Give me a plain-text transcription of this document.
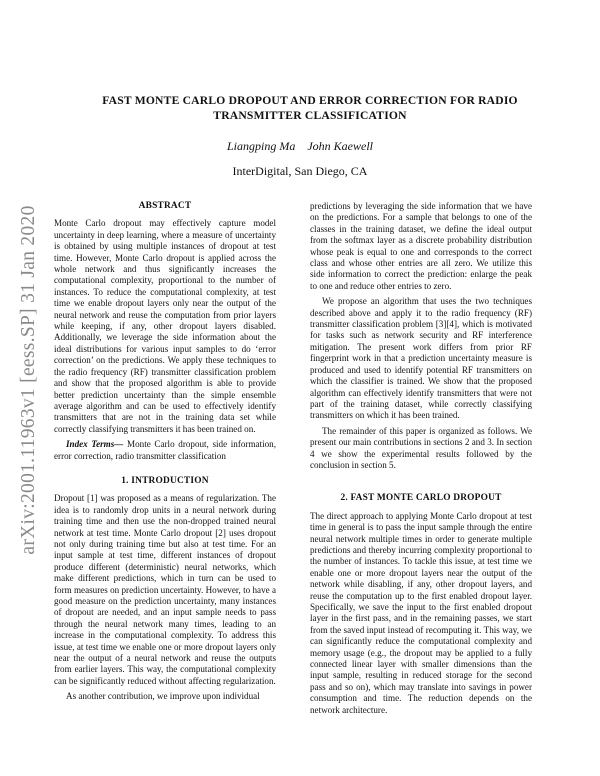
arXiv:2001.11963v1 [eess.SP] 31 Jan 2020
FAST MONTE CARLO DROPOUT AND ERROR CORRECTION FOR RADIO TRANSMITTER CLASSIFICATION
Liangping Ma John Kaewell
InterDigital, San Diego, CA
ABSTRACT

Monte Carlo dropout may effectively capture model uncertainty in deep learning, where a measure of uncertainty is obtained by using multiple instances of dropout at test time. However, Monte Carlo dropout is applied across the whole network and thus significantly increases the computational complexity, proportional to the number of instances. To reduce the computational complexity, at test time we enable dropout layers only near the output of the neural network and reuse the computation from prior layers while keeping, if any, other dropout layers disabled. Additionally, we leverage the side information about the ideal distributions for various input samples to do ‘error correction’ on the predictions. We apply these techniques to the radio frequency (RF) transmitter classification problem and show that the proposed algorithm is able to provide better prediction uncertainty than the simple ensemble average algorithm and can be used to effectively identify transmitters that are not in the training data set while correctly classifying transmitters it has been trained on.

Index Terms— Monte Carlo dropout, side information, error correction, radio transmitter classification

1. INTRODUCTION

Dropout [1] was proposed as a means of regularization. The idea is to randomly drop units in a neural network during training time and then use the non-dropped trained neural network at test time. Monte Carlo dropout [2] uses dropout not only during training time but also at test time. For an input sample at test time, different instances of dropout produce different (deterministic) neural networks, which make different predictions, which in turn can be used to form measures on prediction uncertainty. However, to have a good measure on the prediction uncertainty, many instances of dropout are needed, and an input sample needs to pass through the neural network many times, leading to an increase in the computational complexity. To address this issue, at test time we enable one or more dropout layers only near the output of a neural network and reuse the outputs from earlier layers. This way, the computational complexity can be significantly reduced without affecting regularization.

As another contribution, we improve upon individual

predictions by leveraging the side information that we have on the predictions. For a sample that belongs to one of the classes in the training dataset, we define the ideal output from the softmax layer as a discrete probability distribution whose peak is equal to one and corresponds to the correct class and whose other entries are all zero. We utilize this side information to correct the prediction: enlarge the peak to one and reduce other entries to zero.

We propose an algorithm that uses the two techniques described above and apply it to the radio frequency (RF) transmitter classification problem [3][4], which is motivated for tasks such as network security and RF interference mitigation. The present work differs from prior RF fingerprint work in that a prediction uncertainty measure is produced and used to identify potential RF transmitters on which the classifier is trained. We show that the proposed algorithm can effectively identify transmitters that were not part of the training dataset, while correctly classifying transmitters on which it has been trained.

The remainder of this paper is organized as follows. We present our main contributions in sections 2 and 3. In section 4 we show the experimental results followed by the conclusion in section 5.

2. FAST MONTE CARLO DROPOUT

The direct approach to applying Monte Carlo dropout at test time in general is to pass the input sample through the entire neural network multiple times in order to generate multiple predictions and thereby incurring complexity proportional to the number of instances. To tackle this issue, at test time we enable one or more dropout layers near the output of the network while disabling, if any, other dropout layers, and reuse the computation up to the first enabled dropout layer. Specifically, we save the input to the first enabled dropout layer in the first pass, and in the remaining passes, we start from the saved input instead of recomputing it. This way, we can significantly reduce the computational complexity and memory usage (e.g., the dropout may be applied to a fully connected linear layer with smaller dimensions than the input sample, resulting in reduced storage for the second pass and so on), which may translate into savings in power consumption and time. The reduction depends on the network architecture.
